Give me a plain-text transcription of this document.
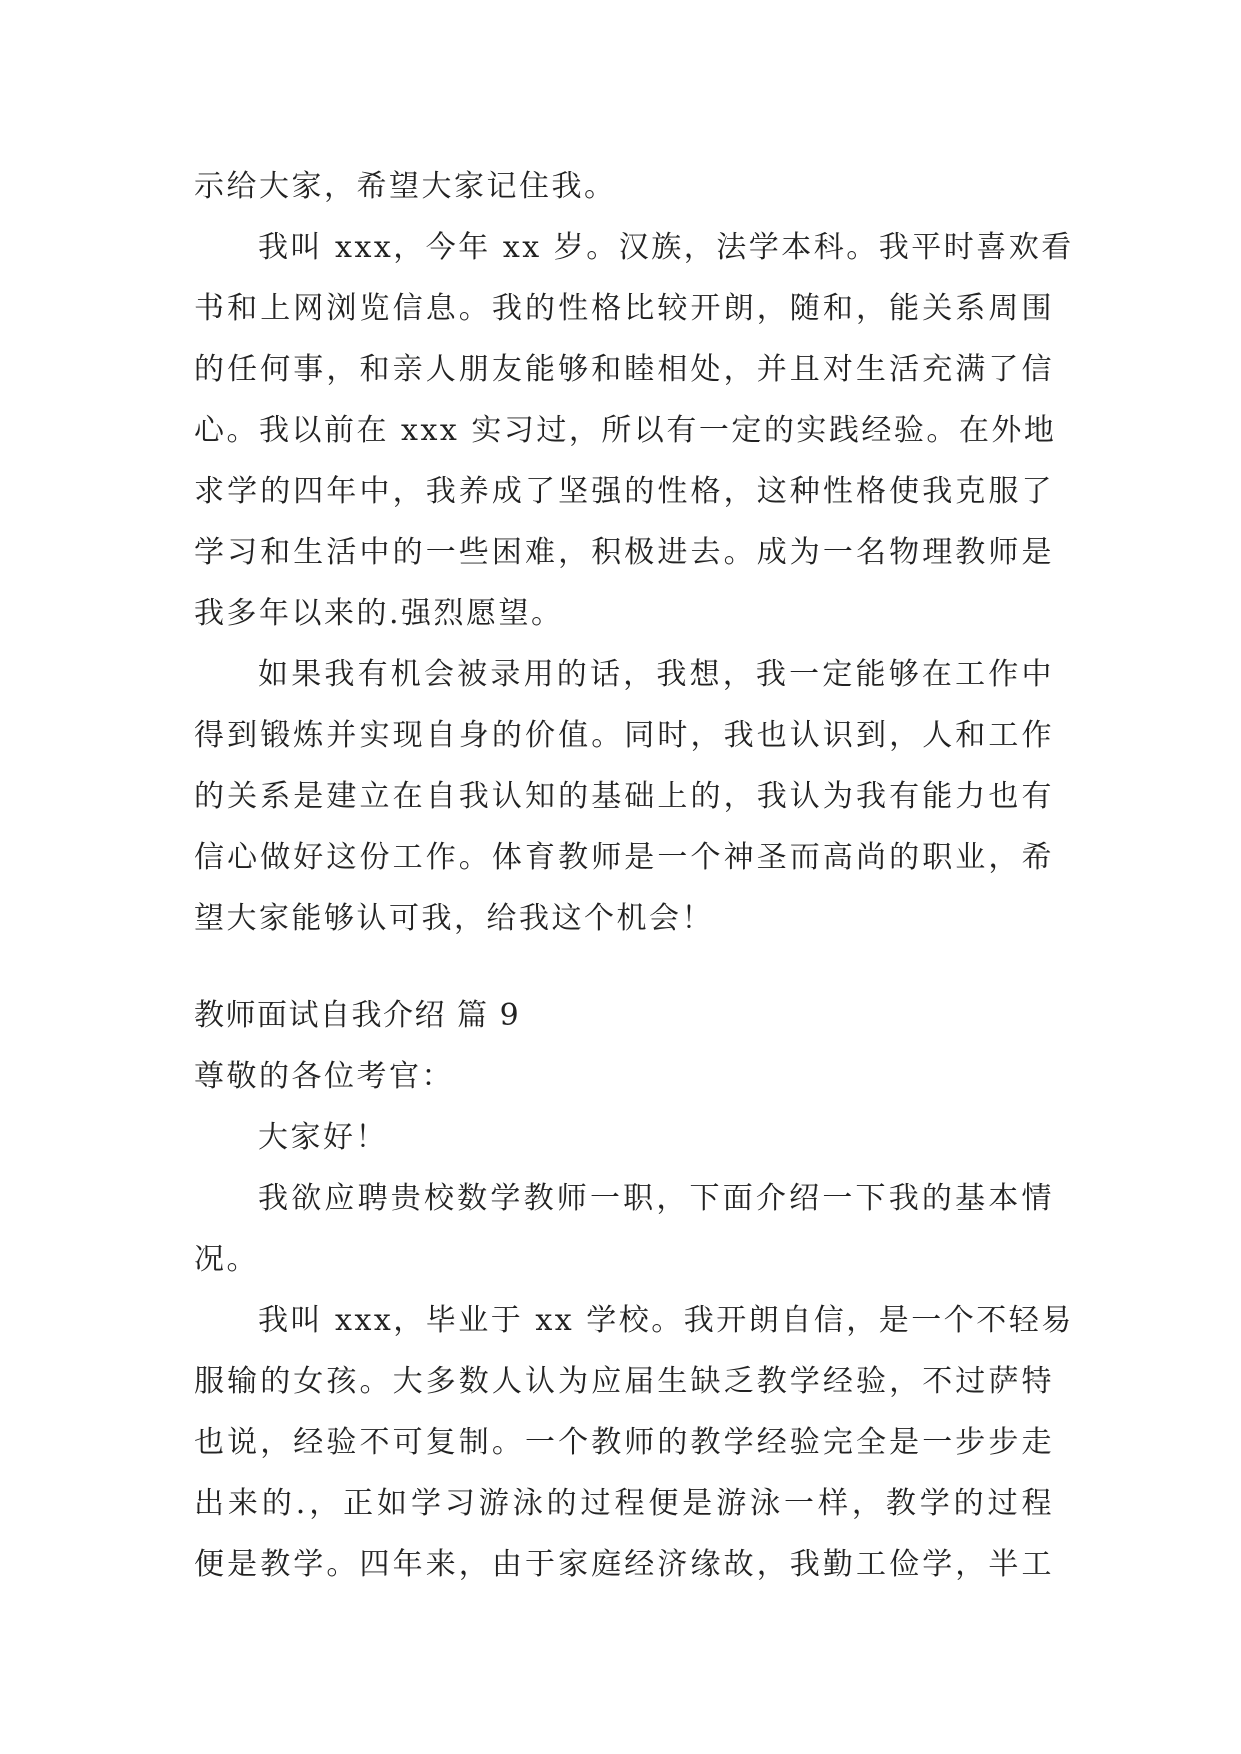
示给大家，希望大家记住我。
我叫 xxx，今年 xx 岁。汉族，法学本科。我平时喜欢看
书和上网浏览信息。我的性格比较开朗，随和，能关系周围
的任何事，和亲人朋友能够和睦相处，并且对生活充满了信
心。我以前在 xxx 实习过，所以有一定的实践经验。在外地
求学的四年中，我养成了坚强的性格，这种性格使我克服了
学习和生活中的一些困难，积极进去。成为一名物理教师是
我多年以来的.强烈愿望。
如果我有机会被录用的话，我想，我一定能够在工作中
得到锻炼并实现自身的价值。同时，我也认识到，人和工作
的关系是建立在自我认知的基础上的，我认为我有能力也有
信心做好这份工作。体育教师是一个神圣而高尚的职业，希
望大家能够认可我，给我这个机会！
教师面试自我介绍 篇 9
尊敬的各位考官：
大家好！
我欲应聘贵校数学教师一职，下面介绍一下我的基本情
况。
我叫 xxx，毕业于 xx 学校。我开朗自信，是一个不轻易
服输的女孩。大多数人认为应届生缺乏教学经验，不过萨特
也说，经验不可复制。一个教师的教学经验完全是一步步走
出来的.，正如学习游泳的过程便是游泳一样，教学的过程
便是教学。四年来，由于家庭经济缘故，我勤工俭学，半工
